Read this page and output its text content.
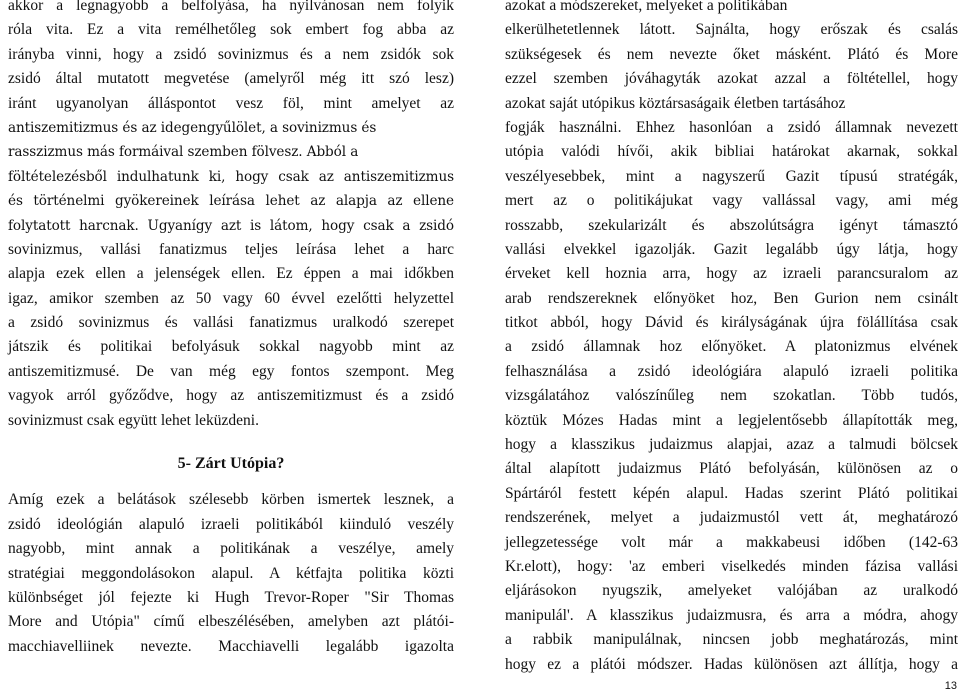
akkor a legnagyobb a belfolyása, ha nyilvánosan nem folyik
róla vita. Ez a vita remélhetőleg sok embert fog abba az
irányba vinni, hogy a zsidó sovinizmus és a nem zsidók sok
zsidó által mutatott megvetése (amelyről még itt szó lesz)
iránt ugyanolyan álláspontot vesz föl, mint amelyet az
antiszemitizmus és az idegengyűlölet, a sovinizmus és
rasszizmus más formáival szemben fölvesz. Abból a
föltételezésből indulhatunk ki, hogy csak az antiszemitizmus
és történelmi gyökereinek leírása lehet az alapja az ellene
folytatott harcnak. Ugyanígy azt is látom, hogy csak a zsidó
sovinizmus, vallási fanatizmus teljes leírása lehet a harc
alapja ezek ellen a jelenségek ellen. Ez éppen a mai időkben
igaz, amikor szemben az 50 vagy 60 évvel ezelőtti helyzettel
a zsidó sovinizmus és vallási fanatizmus uralkodó szerepet
játszik és politikai befolyásuk sokkal nagyobb mint az
antiszemitizmusé. De van még egy fontos szempont. Meg
vagyok arról győződve, hogy az antiszemitizmust és a zsidó
sovinizmust csak együtt lehet leküzdeni.
5- Zárt Utópia?
Amíg ezek a belátások szélesebb körben ismertek lesznek, a
zsidó ideológián alapuló izraeli politikából kiinduló veszély
nagyobb, mint annak a politikának a veszélye, amely
stratégiai meggondolásokon alapul. A kétfajta politika közti
különbséget jól fejezte ki Hugh Trevor-Roper "Sir Thomas
More and Utópia" című elbeszélésében, amelyben azt plátói-
macchiavelliinek nevezte. Macchiavelli legalább igazolta
azokat a módszereket, melyeket a politikában
elkerülhetetlennek látott. Sajnálta, hogy erőszak és csalás
szükségesek és nem nevezte őket másként. Plátó és More
ezzel szemben jóváhagyták azokat azzal a föltétellel, hogy
azokat saját utópikus köztársaságaik életben tartásához
fogják használni. Ehhez hasonlóan a zsidó államnak nevezett
utópia valódi hívői, akik bibliai határokat akarnak, sokkal
veszélyesebbek, mint a nagyszerű Gazit típusú stratégák,
mert az o politikájukat vagy vallással vagy, ami még
rosszabb, szekularizált és abszolútságra igényt támasztó
vallási elvekkel igazolják. Gazit legalább úgy látja, hogy
érveket kell hoznia arra, hogy az izraeli parancsuralom az
arab rendszereknek előnyöket hoz, Ben Gurion nem csinált
titkot abból, hogy Dávid és királyságának újra fölállítása csak
a zsidó államnak hoz előnyöket. A platonizmus elvének
felhasználása a zsidó ideológiára alapuló izraeli politika
vizsgálatához valószínűleg nem szokatlan. Több tudós,
köztük Mózes Hadas mint a legjelentősebb állapították meg,
hogy a klasszikus judaizmus alapjai, azaz a talmudi bölcsek
által alapított judaizmus Plátó befolyásán, különösen az o
Spártáról festett képén alapul. Hadas szerint Plátó politikai
rendszerének, melyet a judaizmustól vett át, meghatározó
jellegzetessége volt már a makkabeusi időben (142-63
Kr.elott), hogy: 'az emberi viselkedés minden fázisa vallási
eljárásokon nyugszik, amelyeket valójában az uralkodó
manipulál'. A klasszikus judaizmusra, és arra a módra, ahogy
a rabbik manipulálnak, nincsen jobb meghatározás, mint
hogy ez a plátói módszer. Hadas különösen azt állítja, hogy a
13
